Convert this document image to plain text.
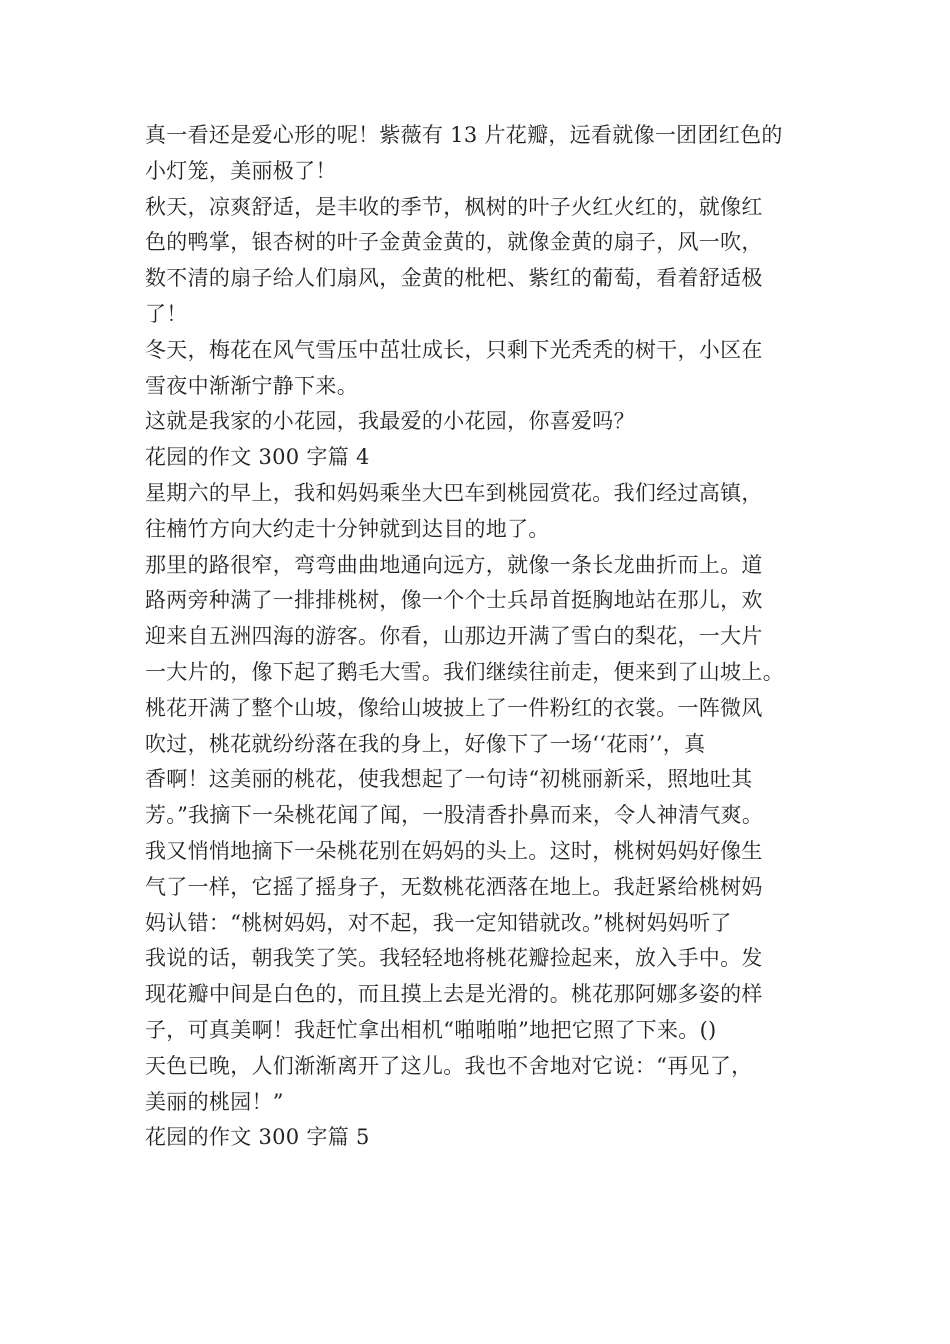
真一看还是爱心形的呢！紫薇有 13 片花瓣，远看就像一团团红色的
小灯笼，美丽极了！
秋天，凉爽舒适，是丰收的季节，枫树的叶子火红火红的，就像红
色的鸭掌，银杏树的叶子金黄金黄的，就像金黄的扇子，风一吹，
数不清的扇子给人们扇风，金黄的枇杷、紫红的葡萄，看着舒适极
了！
冬天，梅花在风气雪压中茁壮成长，只剩下光秃秃的树干，小区在
雪夜中渐渐宁静下来。
这就是我家的小花园，我最爱的小花园，你喜爱吗？
花园的作文 300 字篇 4
星期六的早上，我和妈妈乘坐大巴车到桃园赏花。我们经过高镇，
往楠竹方向大约走十分钟就到达目的地了。
那里的路很窄，弯弯曲曲地通向远方，就像一条长龙曲折而上。道
路两旁种满了一排排桃树，像一个个士兵昂首挺胸地站在那儿，欢
迎来自五洲四海的游客。你看，山那边开满了雪白的梨花，一大片
一大片的，像下起了鹅毛大雪。我们继续往前走，便来到了山坡上。
桃花开满了整个山坡，像给山坡披上了一件粉红的衣裳。一阵微风
吹过，桃花就纷纷落在我的身上，好像下了一场‘‘花雨’’，真
香啊！这美丽的桃花，使我想起了一句诗“初桃丽新采，照地吐其
芳。”我摘下一朵桃花闻了闻，一股清香扑鼻而来，令人神清气爽。
我又悄悄地摘下一朵桃花别在妈妈的头上。这时，桃树妈妈好像生
气了一样，它摇了摇身子，无数桃花洒落在地上。我赶紧给桃树妈
妈认错：“桃树妈妈，对不起，我一定知错就改。”桃树妈妈听了
我说的话，朝我笑了笑。我轻轻地将桃花瓣捡起来，放入手中。发
现花瓣中间是白色的，而且摸上去是光滑的。桃花那阿娜多姿的样
子，可真美啊！我赶忙拿出相机“啪啪啪”地把它照了下来。()
天色已晚，人们渐渐离开了这儿。我也不舍地对它说：“再见了，
美丽的桃园！”
花园的作文 300 字篇 5
